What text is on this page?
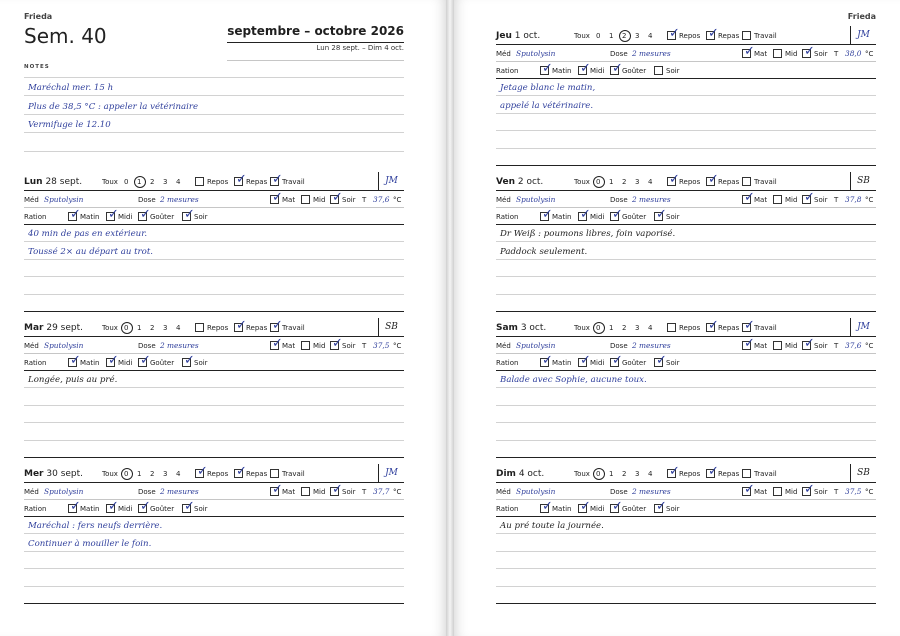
Frieda
Sem. 40	septembre – octobre 2026
Lun 28 sept. – Dim 4 oct.
NOTES
Maréchal mer. 15 h
Plus de 38,5 °C : appeler la vétérinaire
Vermifuge le 12.10
Lun 28 sept.	Toux 0 1 2 3 4	Repos ✓ Repas ✓ Travail	JM
Méd Sputolysin	Dose 2 mesures	✓ Mat	Mid ✓ Soir T 37,6 °C
Ration ✓ Matin ✓ Midi ✓ Goûter ✓ Soir
40 min de pas en extérieur.
Toussé 2× au départ au trot.
Mar 29 sept.	Toux 0 1 2 3 4	Repos ✓ Repas ✓ Travail	SB
Méd Sputolysin	Dose 2 mesures	✓ Mat	Mid ✓ Soir T 37,5 °C
Ration ✓ Matin ✓ Midi ✓ Goûter ✓ Soir
Longée, puis au pré.
Mer 30 sept.	Toux 0 1 2 3 4 ✓ Repos ✓ Repas Travail	JM
Méd Sputolysin	Dose 2 mesures	✓ Mat	Mid ✓ Soir T 37,7 °C
Ration ✓ Matin ✓ Midi ✓ Goûter ✓ Soir
Maréchal : fers neufs derrière.
Continuer à mouiller le foin.
Frieda
Jeu 1 oct.	Toux 0 1 2 3 4 ✓ Repos ✓ Repas Travail	JM
Méd Sputolysin	Dose 2 mesures	✓ Mat	Mid ✓ Soir T 38,0 °C
Ration ✓ Matin ✓ Midi ✓ Goûter	Soir
Jetage blanc le matin,
appelé la vétérinaire.
Ven 2 oct.	Toux 0 1 2 3 4 ✓ Repos ✓ Repas Travail	SB
Méd Sputolysin	Dose 2 mesures	✓ Mat	Mid ✓ Soir T 37,8 °C
Ration ✓ Matin ✓ Midi ✓ Goûter ✓ Soir
Dr Weiß : poumons libres, foin vaporisé.
Paddock seulement.
Sam 3 oct.	Toux 0 1 2 3 4	Repos ✓ Repas ✓ Travail	JM
Méd Sputolysin	Dose 2 mesures	✓ Mat	Mid ✓ Soir T 37,6 °C
Ration ✓ Matin ✓ Midi ✓ Goûter ✓ Soir
Balade avec Sophie, aucune toux.
Dim 4 oct.	Toux 0 1 2 3 4 ✓ Repos ✓ Repas Travail	SB
Méd Sputolysin	Dose 2 mesures	✓ Mat	Mid ✓ Soir T 37,5 °C
Ration ✓ Matin ✓ Midi ✓ Goûter ✓ Soir
Au pré toute la journée.
